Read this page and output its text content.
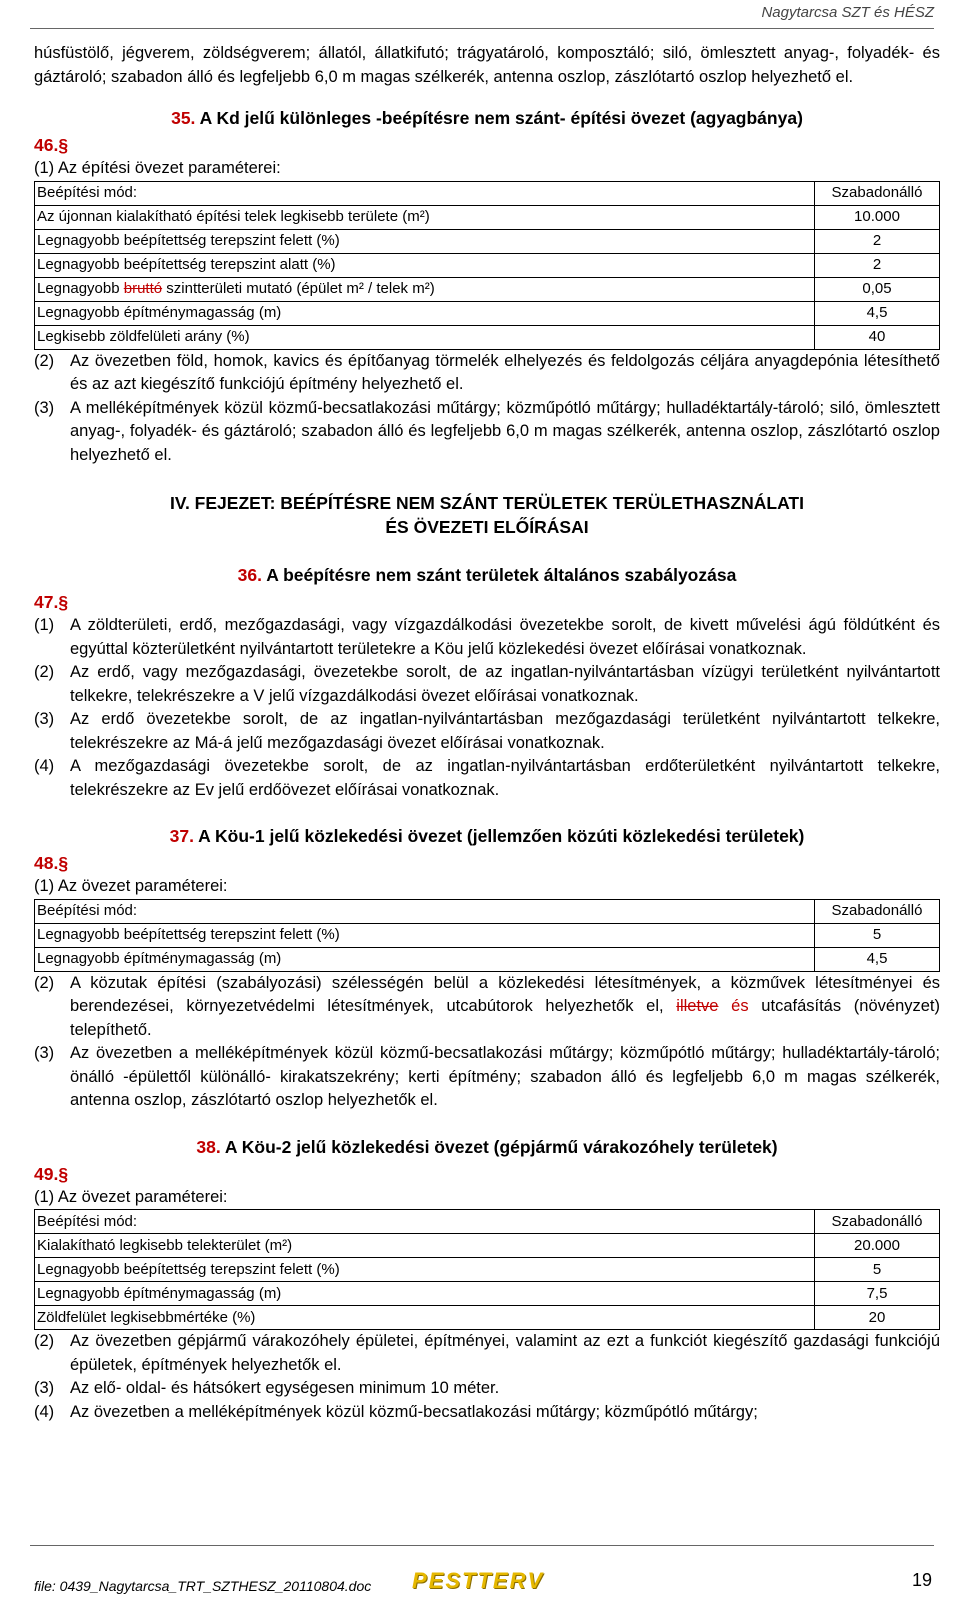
Nagytarcsa SZT és HÉSZ
húsfüstölő, jégverem, zöldségverem; állatól, állatkifutó; trágyatároló, komposztáló; siló, ömlesztett anyag-, folyadék- és gáztároló; szabadon álló és legfeljebb 6,0 m magas szélkerék, antenna oszlop, zászlótartó oszlop helyezhető el.
35. A Kd jelű különleges -beépítésre nem szánt- építési övezet (agyagbánya)
46.§
(1) Az építési övezet paraméterei:
Beépítési mód:	Szabadonálló
Az újonnan kialakítható építési telek legkisebb területe (m²)	10.000
Legnagyobb beépítettség terepszint felett (%)	2
Legnagyobb beépítettség terepszint alatt (%)	2
Legnagyobb bruttó szintterületi mutató (épület m² / telek m²)	0,05
Legnagyobb építménymagasság (m)	4,5
Legkisebb zöldfelületi arány (%)	40
(2) Az övezetben föld, homok, kavics és építőanyag törmelék elhelyezés és feldolgozás céljára anyagdepónia létesíthető és az azt kiegészítő funkciójú építmény helyezhető el.
(3) A melléképítmények közül közmű-becsatlakozási műtárgy; közműpótló műtárgy; hulladéktartály-tároló; siló, ömlesztett anyag-, folyadék- és gáztároló; szabadon álló és legfeljebb 6,0 m magas szélkerék, antenna oszlop, zászlótartó oszlop helyezhető el.
IV. FEJEZET: BEÉPÍTÉSRE NEM SZÁNT TERÜLETEK TERÜLETHASZNÁLATI
ÉS ÖVEZETI ELŐÍRÁSAI
36. A beépítésre nem szánt területek általános szabályozása
47.§
(1) A zöldterületi, erdő, mezőgazdasági, vagy vízgazdálkodási övezetekbe sorolt, de kivett művelési ágú földútként és egyúttal közterületként nyilvántartott területekre a Köu jelű közlekedési övezet előírásai vonatkoznak.
(2) Az erdő, vagy mezőgazdasági, övezetekbe sorolt, de az ingatlan-nyilvántartásban vízügyi területként nyilvántartott telkekre, telekrészekre a V jelű vízgazdálkodási övezet előírásai vonatkoznak.
(3) Az erdő övezetekbe sorolt, de az ingatlan-nyilvántartásban mezőgazdasági területként nyilvántartott telkekre, telekrészekre az Má-á jelű mezőgazdasági övezet előírásai vonatkoznak.
(4) A mezőgazdasági övezetekbe sorolt, de az ingatlan-nyilvántartásban erdőterületként nyilvántartott telkekre, telekrészekre az Ev jelű erdőövezet előírásai vonatkoznak.
37. A Köu-1 jelű közlekedési övezet (jellemzően közúti közlekedési területek)
48.§
(1) Az övezet paraméterei:
Beépítési mód:	Szabadonálló
Legnagyobb beépítettség terepszint felett (%)	5
Legnagyobb építménymagasság (m)	4,5
(2) A közutak építési (szabályozási) szélességén belül a közlekedési létesítmények, a közművek létesítményei és berendezései, környezetvédelmi létesítmények, utcabútorok helyezhetők el, illetve és utcafásítás (növényzet) telepíthető.
(3) Az övezetben a melléképítmények közül közmű-becsatlakozási műtárgy; közműpótló műtárgy; hulladéktartály-tároló; önálló -épülettől különálló- kirakatszekrény; kerti építmény; szabadon álló és legfeljebb 6,0 m magas szélkerék, antenna oszlop, zászlótartó oszlop helyezhetők el.
38. A Köu-2 jelű közlekedési övezet (gépjármű várakozóhely területek)
49.§
(1) Az övezet paraméterei:
Beépítési mód:	Szabadonálló
Kialakítható legkisebb telekterület (m²)	20.000
Legnagyobb beépítettség terepszint felett (%)	5
Legnagyobb építménymagasság (m)	7,5
Zöldfelület legkisebbmértéke (%)	20
(2) Az övezetben gépjármű várakozóhely épületei, építményei, valamint az ezt a funkciót kiegészítő gazdasági funkciójú épületek, építmények helyezhetők el.
(3) Az elő- oldal- és hátsókert egységesen minimum 10 méter.
(4) Az övezetben a melléképítmények közül közmű-becsatlakozási műtárgy; közműpótló műtárgy;
file: 0439_Nagytarcsa_TRT_SZTHESZ_20110804.doc PESTTERV	19
